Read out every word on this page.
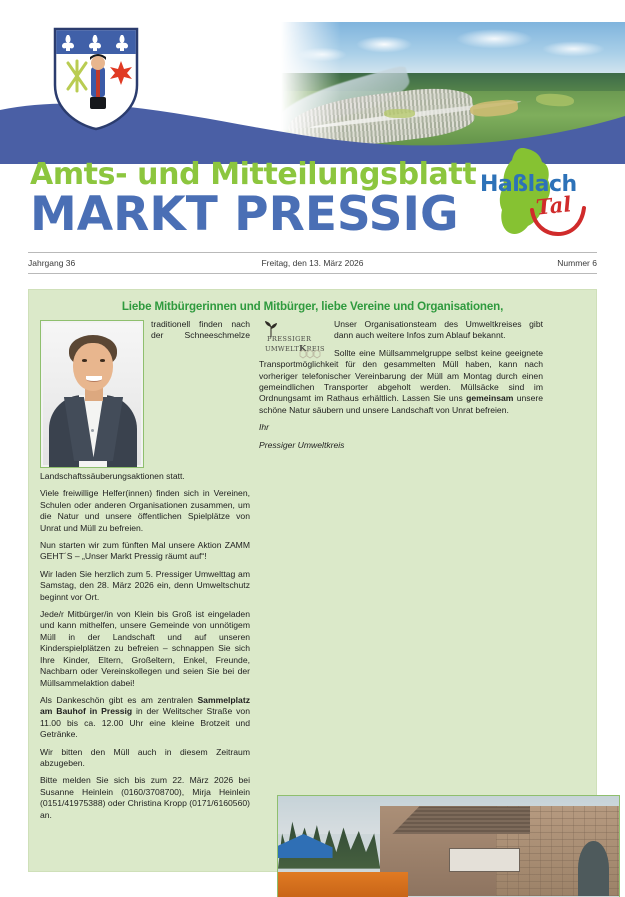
Amts- und Mitteilungsblatt
MARKT PRESSIG
Haßlach
Tal
Jahrgang 36	Freitag, den 13. März 2026	Nummer 6
Liebe Mitbürgerinnen und Mitbürger, liebe Vereine und Organisationen,

traditionell finden nach der Schneeschmelze Landschaftssäuberungsaktionen statt.

Viele freiwillige Helfer(innen) finden sich in Vereinen, Schulen oder anderen Organisationen zusammen, um die Natur und unsere öffentlichen Spielplätze von Unrat und Müll zu befreien.

Nun starten wir zum fünften Mal unsere Aktion ZAMM GEHT´S – „Unser Markt Pressig räumt auf“!

Wir laden Sie herzlich zum 5. Pressiger Umwelttag am Samstag, den 28. März 2026 ein, denn Umweltschutz beginnt vor Ort.

Jede/r Mitbürger/in von Klein bis Groß ist eingeladen und kann mithelfen, unsere Gemeinde von unnötigem Müll in der Landschaft und auf unseren Kinderspielplätzen zu befreien – schnappen Sie sich Ihre Kinder, Eltern, Großeltern, Enkel, Freunde, Nachbarn oder Vereinskollegen und seien Sie bei der Müllsammelaktion dabei!

Als Dankeschön gibt es am zentralen Sammelplatz am Bauhof in Pressig in der Welitscher Straße von 11.00 bis ca. 12.00 Uhr eine kleine Brotzeit und Getränke.

Wir bitten den Müll auch in diesem Zeitraum abzugeben.

Bitte melden Sie sich bis zum 22. März 2026 bei Susanne Heinlein (0160/3708700), Mirja Heinlein (0151/41975388) oder Christina Kropp (0171/6160560) an.

PRESSIGER
UMWELTKREIS

Unser Organisationsteam des Umweltkreises gibt dann auch weitere Infos zum Ablauf bekannt.

Sollte eine Müllsammelgruppe selbst keine geeignete Transportmöglichkeit für den gesammelten Müll haben, kann nach vorheriger telefonischer Vereinbarung der Müll am Montag durch einen gemeindlichen Transporter abgeholt werden. Müllsäcke sind im Ordnungsamt im Rathaus erhältlich. Lassen Sie uns gemeinsam unsere schöne Natur säubern und unsere Landschaft von Unrat befreien.

Ihr

Pressiger Umweltkreis
